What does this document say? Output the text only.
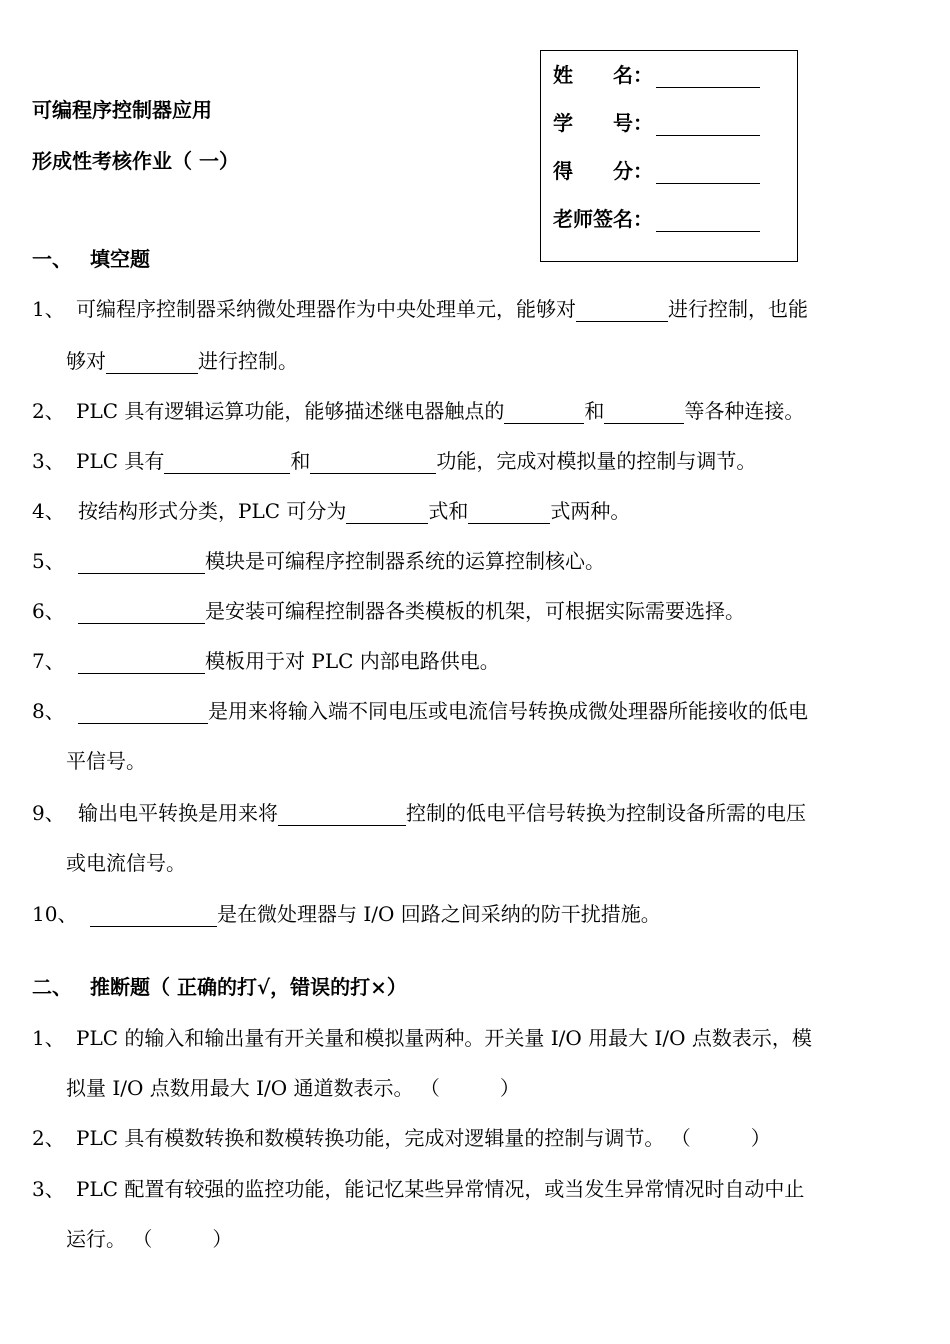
可编程序控制器应用
形成性考核作业（ 一）
姓　　名：
学　　号：
得　　分：
老师签名：
一、 填空题
1、 可编程序控制器采纳微处理器作为中央处理单元，能够对	进行控制，也能
够对	进行控制。
2、 PLC 具有逻辑运算功能，能够描述继电器触点的	和	等各种连接。
3、 PLC 具有	和	功能，完成对模拟量的控制与调节。
4、 按结构形式分类，PLC 可分为	式和	式两种。
5、	模块是可编程序控制器系统的运算控制核心。
6、	是安装可编程控制器各类模板的机架，可根据实际需要选择。
7、	模板用于对 PLC 内部电路供电。
8、	是用来将输入端不同电压或电流信号转换成微处理器所能接收的低电
平信号。
9、 输出电平转换是用来将	控制的低电平信号转换为控制设备所需的电压
或电流信号。
10、	是在微处理器与 I/O 回路之间采纳的防干扰措施。
二、 推断题（ 正确的打√，错误的打×）
1、 PLC 的输入和输出量有开关量和模拟量两种。开关量 I/O 用最大 I/O 点数表示，模
拟量 I/O 点数用最大 I/O 通道数表示。 （　　　）
2、 PLC 具有模数转换和数模转换功能，完成对逻辑量的控制与调节。 （　　　）
3、 PLC 配置有较强的监控功能，能记忆某些异常情况，或当发生异常情况时自动中止
运行。 （　　　）
